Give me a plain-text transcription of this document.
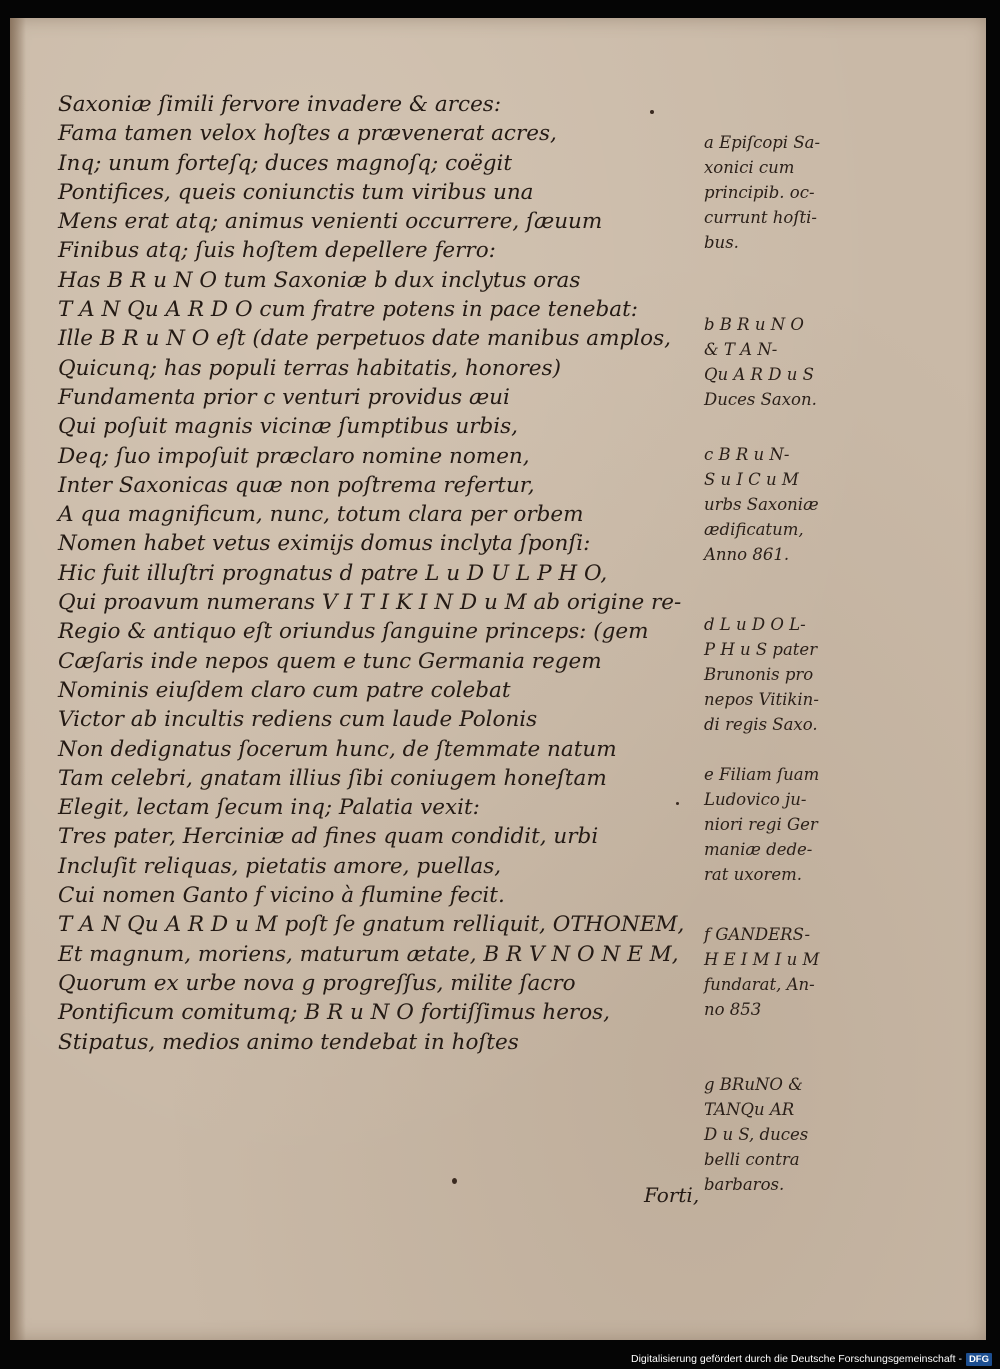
Saxoniæ ſimili fervore invadere & arces:
Fama tamen velox hoſtes a prævenerat acres,
Inq; unum forteſq; duces magnoſq; coëgit
Pontifices, queis coniunctis tum viribus una
Mens erat atq; animus venienti occurrere, ſæuum
Finibus atq; ſuis hoſtem depellere ferro:
Has B R u N O tum Saxoniæ b dux inclytus oras
T A N Qu A R D O cum fratre potens in pace tenebat:
Ille B R u N O eſt (date perpetuos date manibus amplos,
Quicunq; has populi terras habitatis, honores)
Fundamenta prior c venturi providus æui
Qui poſuit magnis vicinæ ſumptibus urbis,
Deq; ſuo impoſuit præclaro nomine nomen,
Inter Saxonicas quæ non poſtrema refertur,
A qua magnificum, nunc, totum clara per orbem
Nomen habet vetus eximijs domus inclyta ſponſi:
Hic fuit illuſtri prognatus d patre L u D U L P H O,
Qui proavum numerans V I T I K I N D u M ab origine re-
Regio & antiquo eſt oriundus ſanguine princeps: (gem
Cæſaris inde nepos quem e tunc Germania regem
Nominis eiuſdem claro cum patre colebat
Victor ab incultis rediens cum laude Polonis
Non dedignatus ſocerum hunc, de ſtemmate natum
Tam celebri, gnatam illius ſibi coniugem honeſtam
Elegit, lectam ſecum inq; Palatia vexit:
Tres pater, Herciniæ ad fines quam condidit, urbi
Incluſit reliquas, pietatis amore, puellas,
Cui nomen Ganto f vicino à flumine fecit.
T A N Qu A R D u M poſt ſe gnatum relliquit, OTHONEM,
Et magnum, moriens, maturum ætate, B R V N O N E M,
Quorum ex urbe nova g progreſſus, milite ſacro
Pontificum comitumq; B R u N O fortiſſimus heros,
Stipatus, medios animo tendebat in hoſtes
a Epiſcopi Sa-
xonici cum
principib. oc-
currunt hoſti-
bus.
b B R u N O
& T A N-
Qu A R D u S
Duces Saxon.
c B R u N-
S u I C u M
urbs Saxoniæ
ædificatum,
Anno 861.
d L u D O L-
P H u S pater
Brunonis pro
nepos Vitikin-
di regis Saxo.
e Filiam ſuam
Ludovico ju-
niori regi Ger
maniæ dede-
rat uxorem.
f GANDERS-
H E I M I u M
fundarat, An-
no 853
g BRuNO &
TANQu AR
D u S, duces
belli contra
barbaros.
Forti,
Digitalisierung gefördert durch die Deutsche Forschungsgemeinschaft - DFG
